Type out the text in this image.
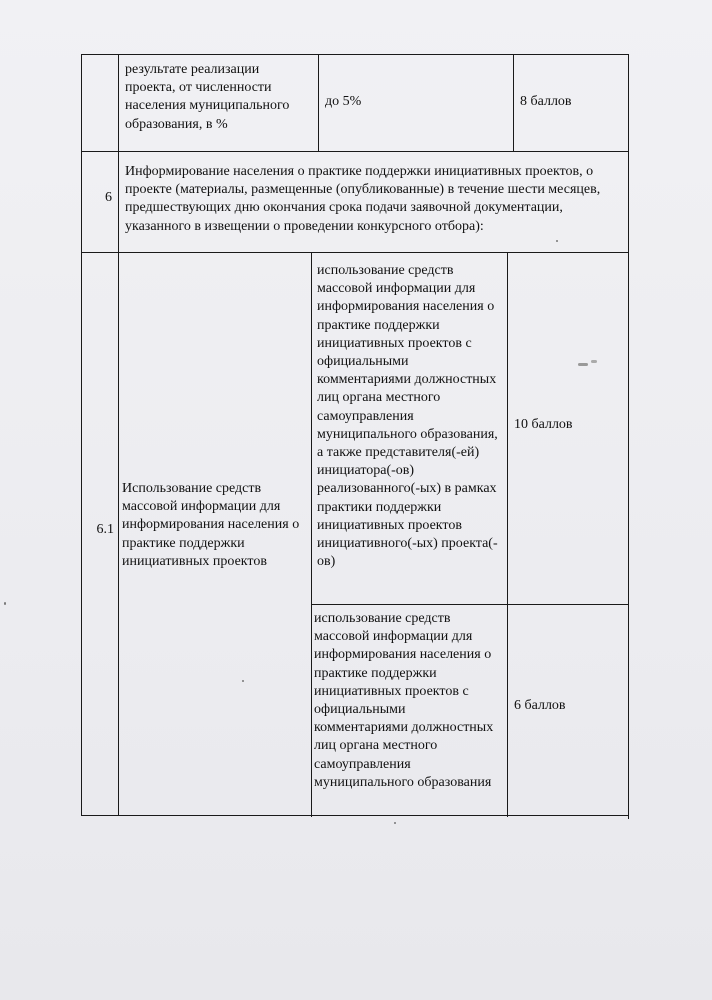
результате реализации проекта, от численности населения муниципального образования, в %
до 5%	8 баллов
6
Информирование населения о практике поддержки инициативных проектов, о проекте (материалы, размещенные (опубликованные) в течение шести месяцев, предшествующих дню окончания срока подачи заявочной документации, указанного в извещении о проведении конкурсного отбора):
6.1
Использование средств массовой информации для информирования населения о практике поддержки инициативных проектов
использование средств массовой информации для информирования населения о практике поддержки инициативных проектов с официальными комментариями должностных лиц органа местного самоуправления муниципального образования, а также представителя(-ей) инициатора(-ов) реализованного(-ых) в рамках практики поддержки инициативных проектов инициативного(-ых) проекта(-ов)
10 баллов
использование средств массовой информации для информирования населения о практике поддержки инициативных проектов с официальными комментариями должностных лиц органа местного самоуправления муниципального образования
6 баллов
